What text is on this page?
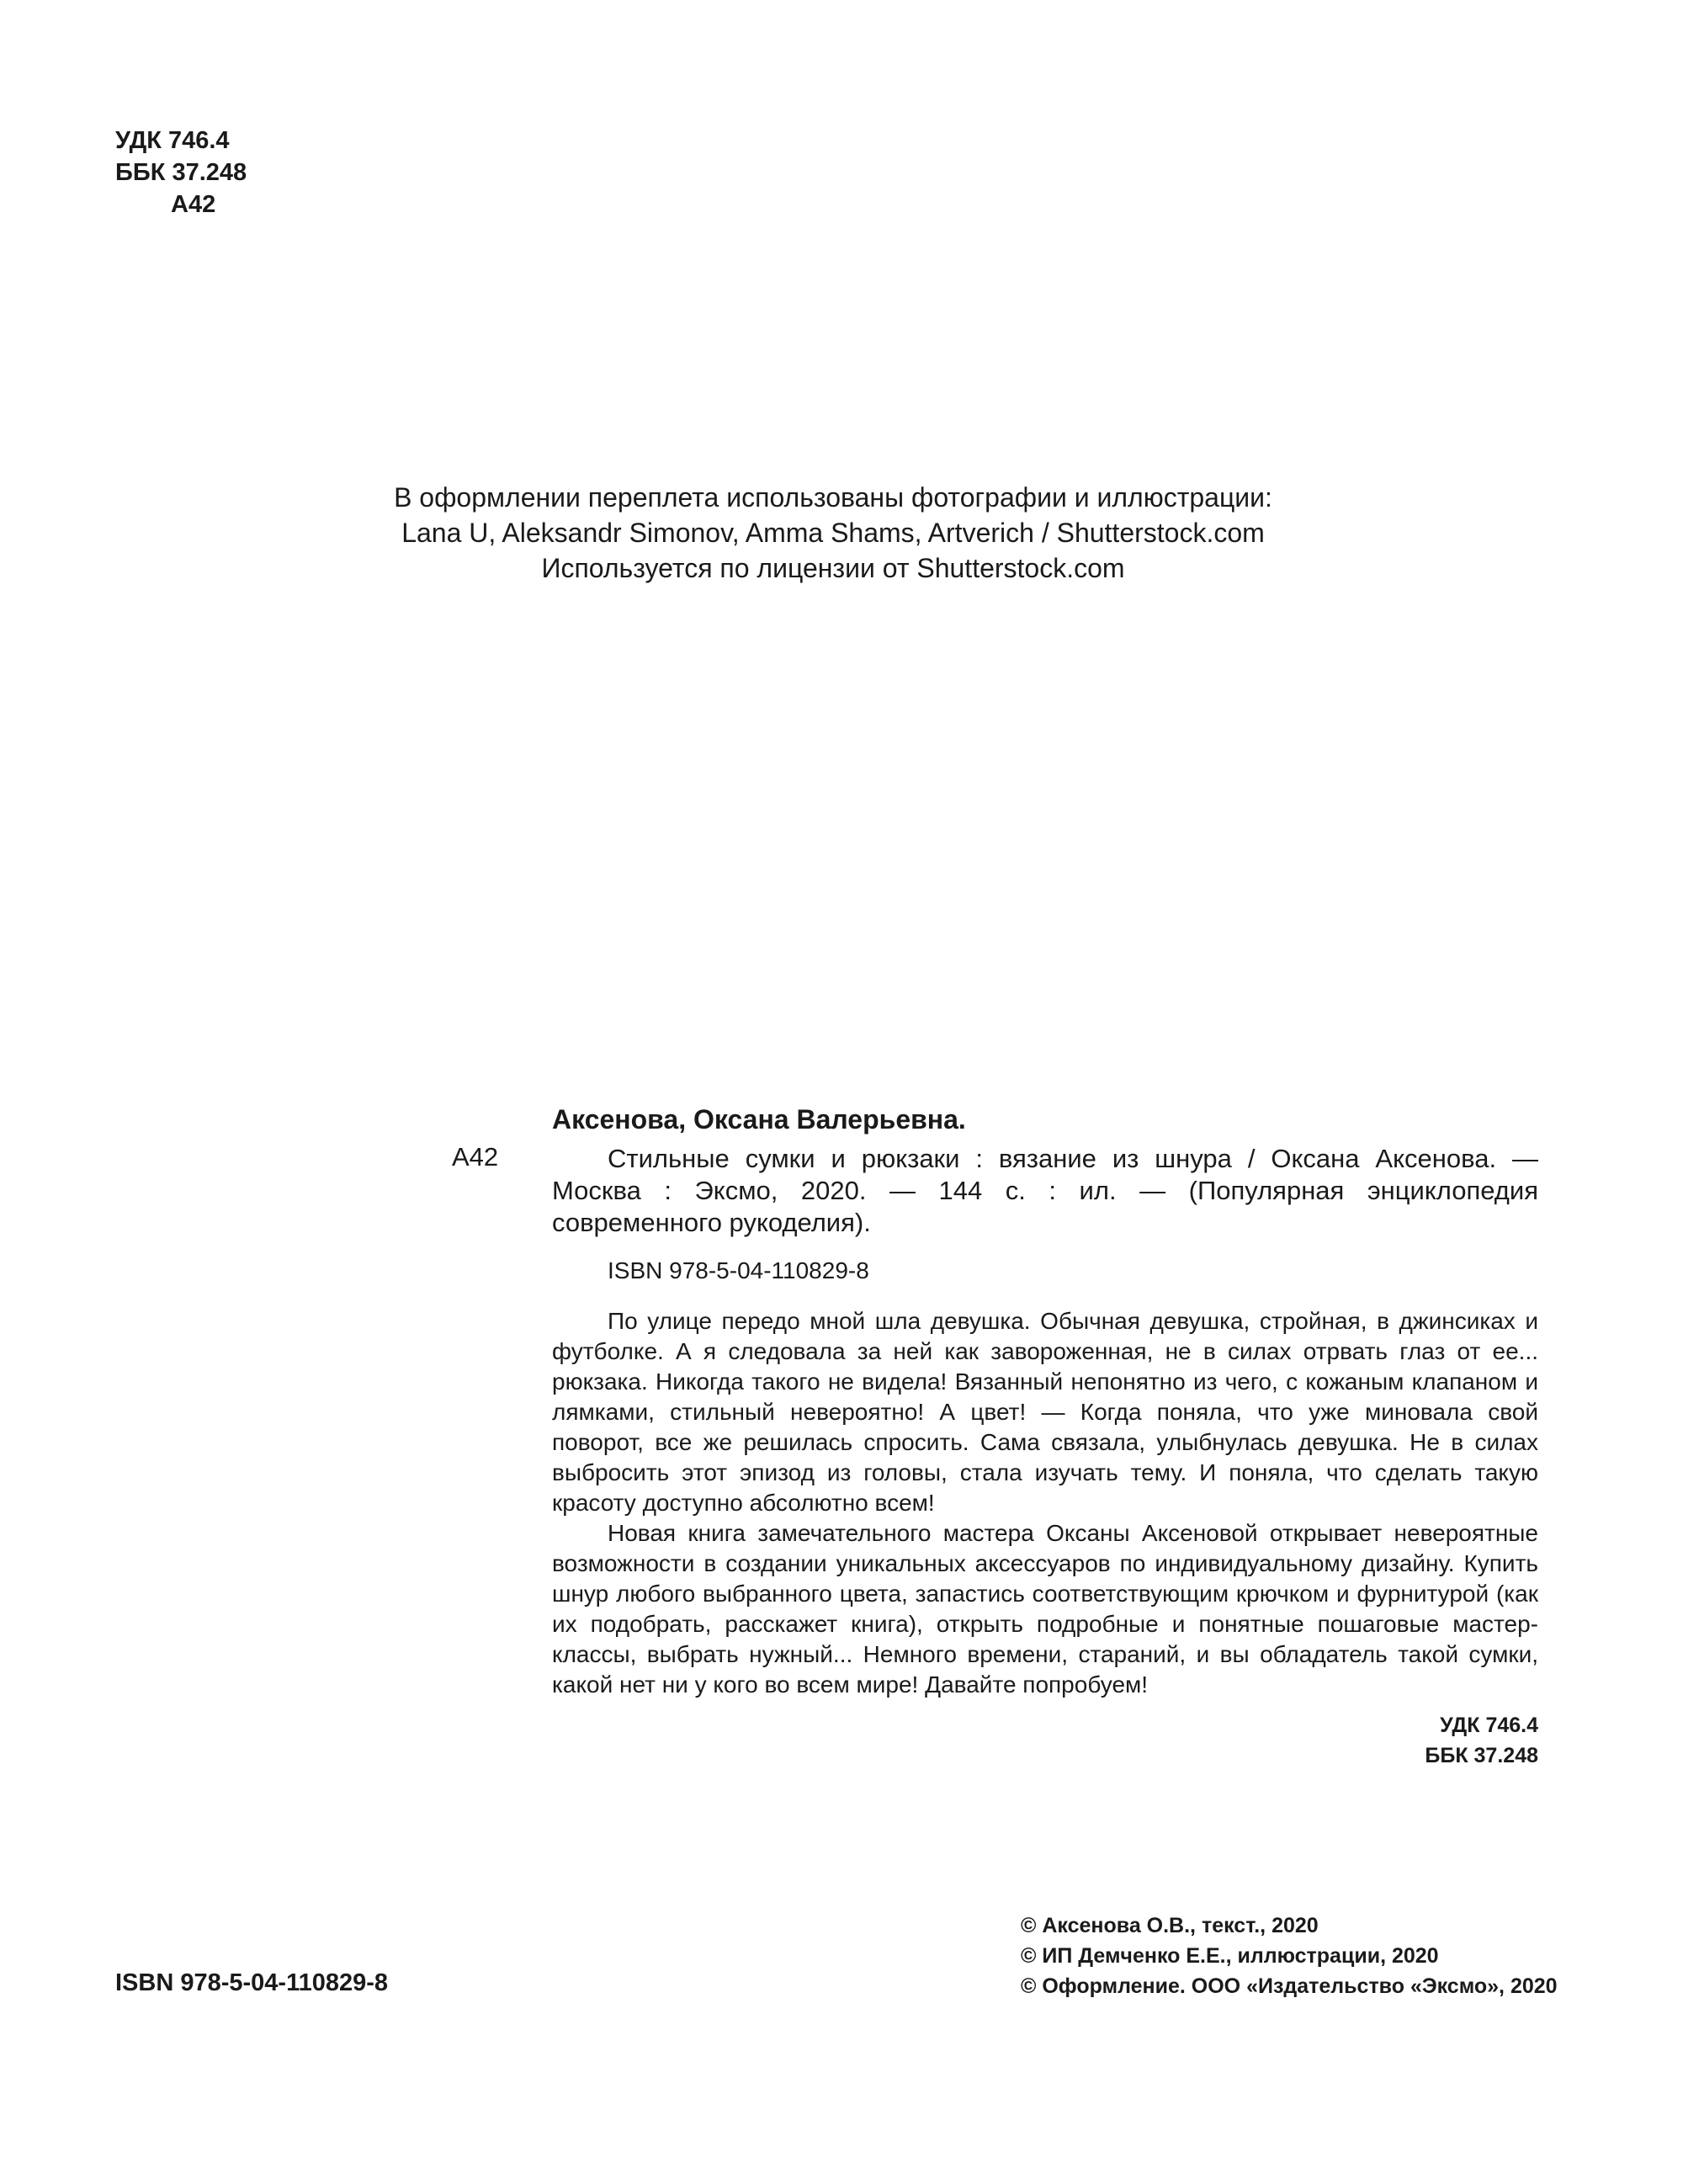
УДК 746.4
ББК 37.248
А42
В оформлении переплета использованы фотографии и иллюстрации:
Lana U, Aleksandr Simonov, Amma Shams, Artverich / Shutterstock.com
Используется по лицензии от Shutterstock.com
А42

Аксенова, Оксана Валерьевна.

Стильные сумки и рюкзаки : вязание из шнура / Оксана Аксенова. — Москва : Эксмо, 2020. — 144 с. : ил. — (Популярная энциклопедия современного рукоделия).

ISBN 978-5-04-110829-8

По улице передо мной шла девушка. Обычная девушка, стройная, в джинсиках и футболке. А я следовала за ней как завороженная, не в силах отрвать глаз от ее... рюкзака. Никогда такого не видела! Вязанный непонятно из чего, с кожаным клапаном и лямками, стильный невероятно! А цвет! — Когда поняла, что уже миновала свой поворот, все же решилась спросить. Сама связала, улыбнулась девушка. Не в силах выбросить этот эпизод из головы, стала изучать тему. И поняла, что сделать такую красоту доступно абсолютно всем!

Новая книга замечательного мастера Оксаны Аксеновой открывает невероятные возможности в создании уникальных аксессуаров по индивидуальному дизайну. Купить шнур любого выбранного цвета, запастись соответствующим крючком и фурнитурой (как их подобрать, расскажет книга), открыть подробные и понятные пошаговые мастер-классы, выбрать нужный... Немного времени, стараний, и вы обладатель такой сумки, какой нет ни у кого во всем мире! Давайте попробуем!

УДК 746.4
ББК 37.248
ISBN 978-5-04-110829-8
© Аксенова О.В., текст., 2020
© ИП Демченко Е.Е., иллюстрации, 2020
© Оформление. ООО «Издательство «Эксмо», 2020
